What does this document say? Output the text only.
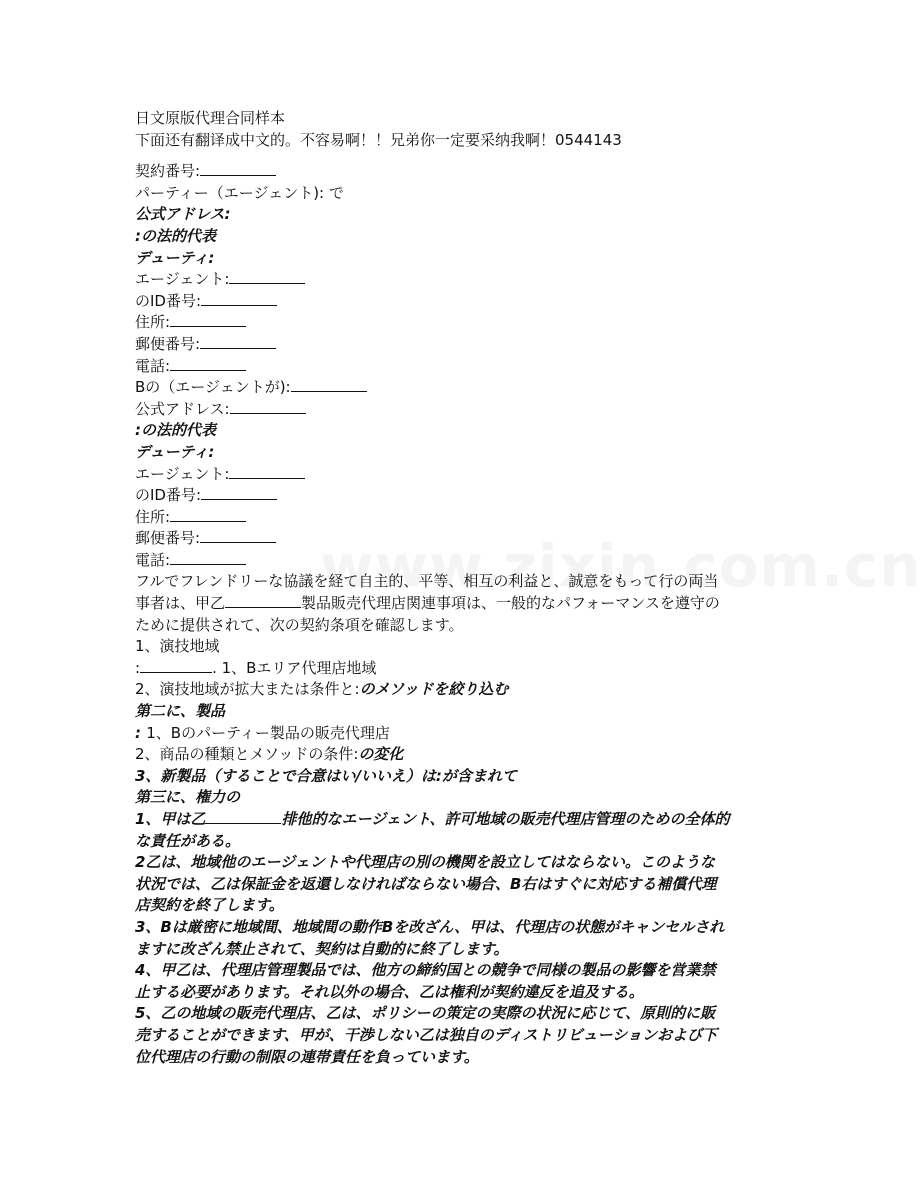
日文原版代理合同样本

下面还有翻译成中文的。不容易啊！！兄弟你一定要采纳我啊！0544143

契約番号:

パーティー（エージェント): で

公式アドレス:

:の法的代表

デューティ:

エージェント:

のID番号:

住所:

郵便番号:

電話:

Bの（エージェントが):

公式アドレス:

:の法的代表

デューティ:

エージェント:

のID番号:

住所:

郵便番号:

電話:

フルでフレンドリーな協議を経て自主的、平等、相互の利益と、誠意をもって行の両当

事者は、甲乙	製品販売代理店関連事項は、一般的なパフォーマンスを遵守の

ために提供されて、次の契約条項を確認します。

1、演技地域

:	. 1、Bエリア代理店地域

2、演技地域が拡大または条件と:のメソッドを絞り込む

第二に、製品

: 1、Bのパーティー製品の販売代理店

2、商品の種類とメソッドの条件:の変化

3、新製品（することで合意はい/いいえ）は:が含まれて

第三に、権力の

1、甲は乙	排他的なエージェント、許可地域の販売代理店管理のための全体的

な責任がある。

2乙は、地域他のエージェントや代理店の別の機関を設立してはならない。このような

状況では、乙は保証金を返還しなければならない場合、B右はすぐに対応する補償代理

店契約を終了します。

3、Bは厳密に地域間、地域間の動作Bを改ざん、甲は、代理店の状態がキャンセルされ

ますに改ざん禁止されて、契約は自動的に終了します。

4、甲乙は、代理店管理製品では、他方の締約国との競争で同様の製品の影響を営業禁

止する必要があります。それ以外の場合、乙は権利が契約違反を追及する。

5、乙の地域の販売代理店、乙は、ポリシーの策定の実際の状況に応じて、原則的に販

売することができます、甲が、干渉しない乙は独自のディストリビューションおよび下

位代理店の行動の制限の連帯責任を負っています。
